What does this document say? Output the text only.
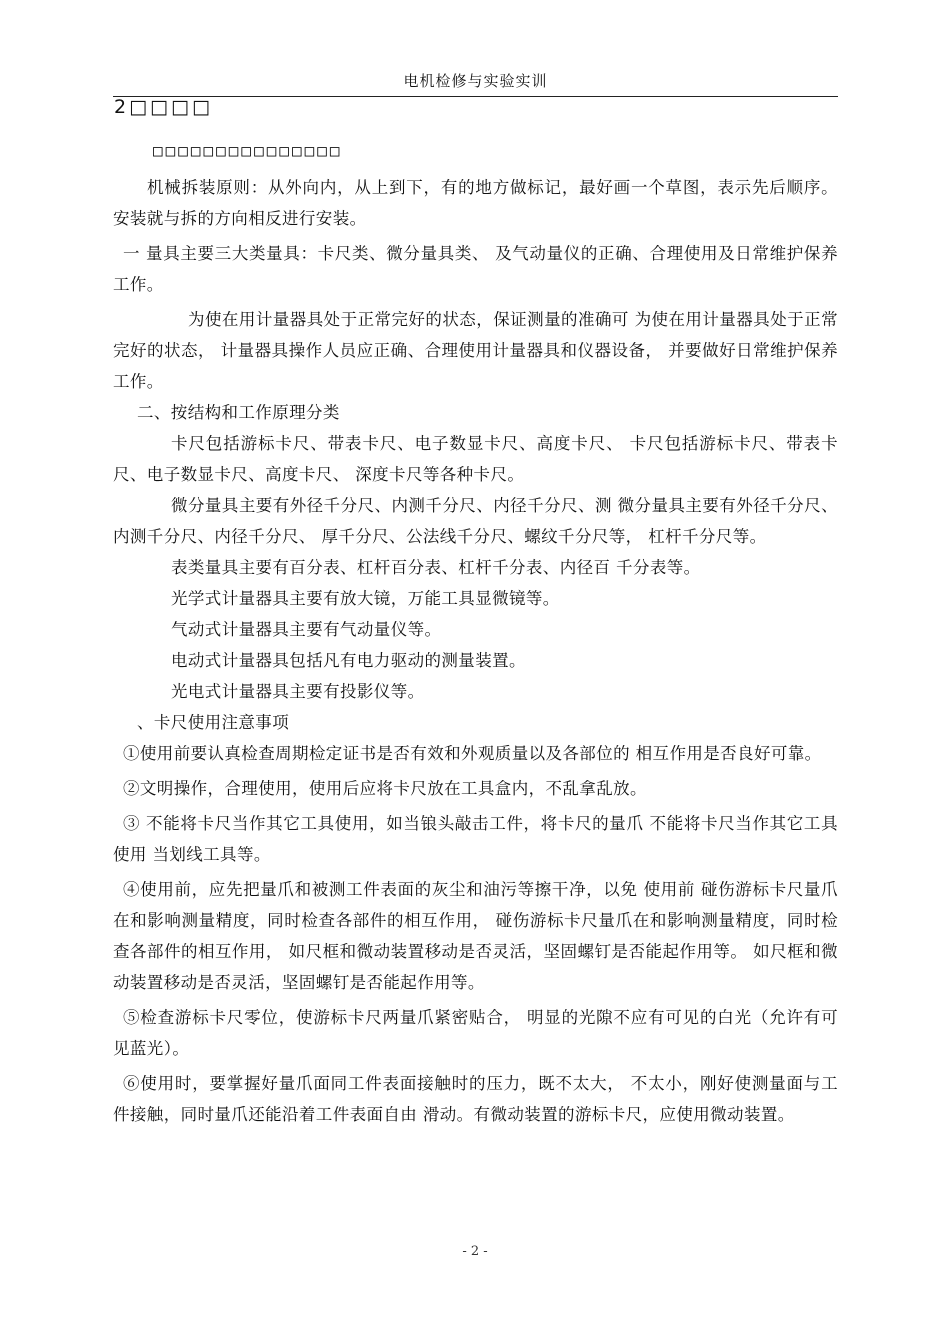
电机检修与实验实训
2□□□□
□□□□□□□□□□□□□□□

机械拆装原则：从外向内，从上到下，有的地方做标记，最好画一个草图，表示先后顺序。 安装就与拆的方向相反进行安装。

一 量具主要三大类量具：卡尺类、微分量具类、 及气动量仪的正确、合理使用及日常维护保养工作。

为使在用计量器具处于正常完好的状态，保证测量的准确可 为使在用计量器具处于正常完好的状态， 计量器具操作人员应正确、合理使用计量器具和仪器设备， 并要做好日常维护保养工作。

二、按结构和工作原理分类

卡尺包括游标卡尺、带表卡尺、电子数显卡尺、高度卡尺、 卡尺包括游标卡尺、带表卡尺、电子数显卡尺、高度卡尺、 深度卡尺等各种卡尺。

微分量具主要有外径千分尺、内测千分尺、内径千分尺、测 微分量具主要有外径千分尺、内测千分尺、内径千分尺、 厚千分尺、公法线千分尺、螺纹千分尺等， 杠杆千分尺等。

表类量具主要有百分表、杠杆百分表、杠杆千分表、内径百 千分表等。

光学式计量器具主要有放大镜，万能工具显微镜等。

气动式计量器具主要有气动量仪等。

电动式计量器具包括凡有电力驱动的测量装置。

光电式计量器具主要有投影仪等。

、卡尺使用注意事项

①使用前要认真检查周期检定证书是否有效和外观质量以及各部位的 相互作用是否良好可靠。

②文明操作，合理使用，使用后应将卡尺放在工具盒内，不乱拿乱放。

③ 不能将卡尺当作其它工具使用，如当锒头敲击工件，将卡尺的量爪 不能将卡尺当作其它工具使用 当划线工具等。

④使用前，应先把量爪和被测工件表面的灰尘和油污等擦干净，以免 使用前 碰伤游标卡尺量爪在和影响测量精度，同时检查各部件的相互作用， 碰伤游标卡尺量爪在和影响测量精度，同时检查各部件的相互作用， 如尺框和微动装置移动是否灵活，坚固螺钉是否能起作用等。 如尺框和微动装置移动是否灵活，坚固螺钉是否能起作用等。

⑤检查游标卡尺零位，使游标卡尺两量爪紧密贴合， 明显的光隙不应有可见的白光（允许有可见蓝光）。

⑥使用时，要掌握好量爪面同工件表面接触时的压力，既不太大， 不太小，刚好使测量面与工件接触，同时量爪还能沿着工件表面自由 滑动。有微动装置的游标卡尺，应使用微动装置。

- 2 -
